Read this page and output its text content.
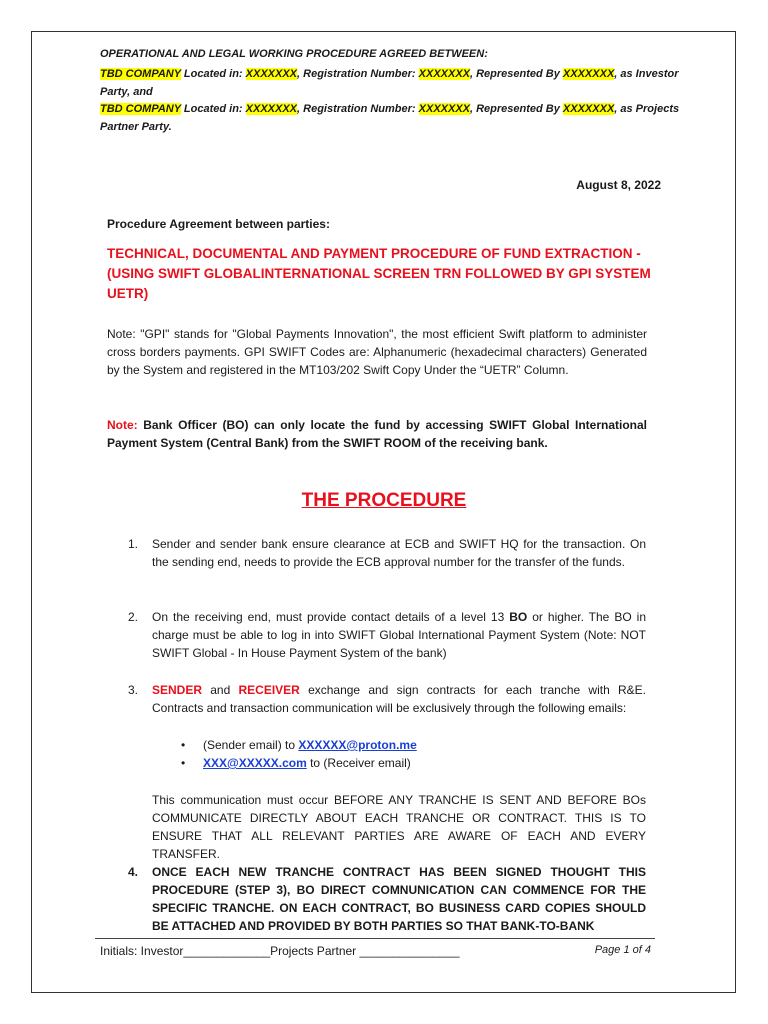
OPERATIONAL AND LEGAL WORKING PROCEDURE AGREED BETWEEN:
TBD COMPANY Located in: XXXXXXX, Registration Number: XXXXXXX, Represented By XXXXXXX, as Investor
Party, and
TBD COMPANY Located in: XXXXXXX, Registration Number: XXXXXXX, Represented By XXXXXXX, as Projects
Partner Party.
August 8, 2022
Procedure Agreement between parties:
TECHNICAL, DOCUMENTAL AND PAYMENT PROCEDURE OF FUND EXTRACTION -
(USING SWIFT GLOBALINTERNATIONAL SCREEN TRN FOLLOWED BY GPI SYSTEM
UETR)
Note: "GPI" stands for "Global Payments Innovation", the most efficient Swift platform to administer cross borders payments. GPI SWIFT Codes are: Alphanumeric (hexadecimal characters) Generated by the System and registered in the MT103/202 Swift Copy Under the “UETR” Column.
Note: Bank Officer (BO) can only locate the fund by accessing SWIFT Global International Payment System (Central Bank) from the SWIFT ROOM of the receiving bank.
THE PROCEDURE
1. Sender and sender bank ensure clearance at ECB and SWIFT HQ for the transaction. On the sending end, needs to provide the ECB approval number for the transfer of the funds.
2. On the receiving end, must provide contact details of a level 13 BO or higher. The BO in charge must be able to log in into SWIFT Global International Payment System (Note: NOT SWIFT Global - In House Payment System of the bank)
3. SENDER and RECEIVER exchange and sign contracts for each tranche with R&E. Contracts and transaction communication will be exclusively through the following emails:
• (Sender email) to XXXXXX@proton.me
• XXX@XXXXX.com to (Receiver email)
This communication must occur BEFORE ANY TRANCHE IS SENT AND BEFORE BOs COMMUNICATE DIRECTLY ABOUT EACH TRANCHE OR CONTRACT. THIS IS TO ENSURE THAT ALL RELEVANT PARTIES ARE AWARE OF EACH AND EVERY TRANSFER.
4. ONCE EACH NEW TRANCHE CONTRACT HAS BEEN SIGNED THOUGHT THIS PROCEDURE (STEP 3), BO DIRECT COMNUNICATION CAN COMMENCE FOR THE SPECIFIC TRANCHE. ON EACH CONTRACT, BO BUSINESS CARD COPIES SHOULD BE ATTACHED AND PROVIDED BY BOTH PARTIES SO THAT BANK-TO-BANK
Initials: Investor_____________Projects Partner _______________	Page 1 of 4
